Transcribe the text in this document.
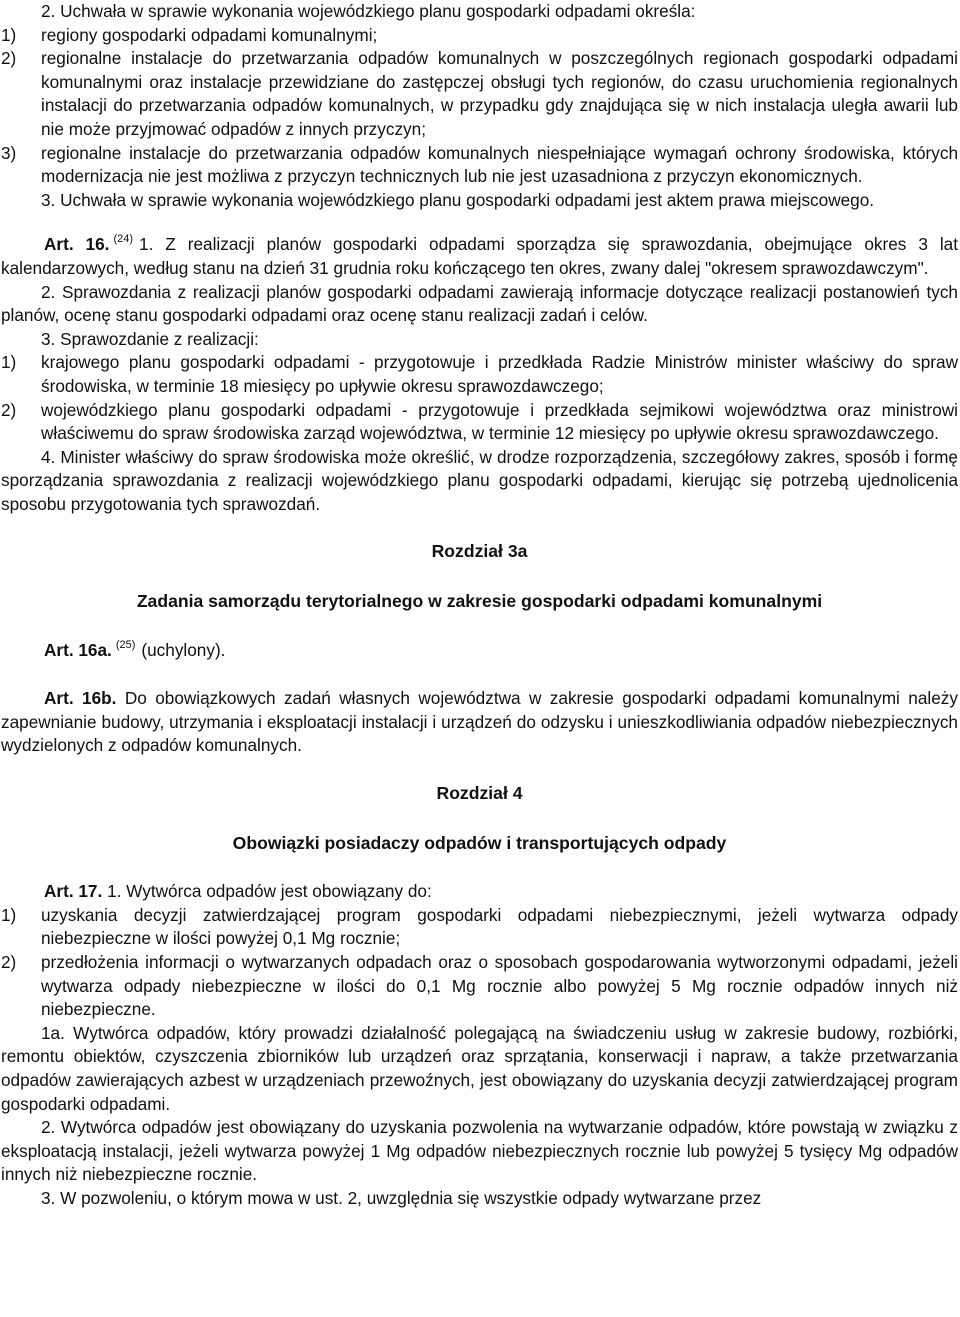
2. Uchwała w sprawie wykonania wojewódzkiego planu gospodarki odpadami określa:

1) regiony gospodarki odpadami komunalnymi;

2) regionalne instalacje do przetwarzania odpadów komunalnych w poszczególnych regionach gospodarki odpadami komunalnymi oraz instalacje przewidziane do zastępczej obsługi tych regionów, do czasu uruchomienia regionalnych instalacji do przetwarzania odpadów komunalnych, w przypadku gdy znajdująca się w nich instalacja uległa awarii lub nie może przyjmować odpadów z innych przyczyn;

3) regionalne instalacje do przetwarzania odpadów komunalnych niespełniające wymagań ochrony środowiska, których modernizacja nie jest możliwa z przyczyn technicznych lub nie jest uzasadniona z przyczyn ekonomicznych.

3. Uchwała w sprawie wykonania wojewódzkiego planu gospodarki odpadami jest aktem prawa miejscowego.

Art. 16. $^{(24)}$ 1. Z realizacji planów gospodarki odpadami sporządza się sprawozdania, obejmujące okres 3 lat kalendarzowych, według stanu na dzień 31 grudnia roku kończącego ten okres, zwany dalej "okresem sprawozdawczym".

2. Sprawozdania z realizacji planów gospodarki odpadami zawierają informacje dotyczące realizacji postanowień tych planów, ocenę stanu gospodarki odpadami oraz ocenę stanu realizacji zadań i celów.

3. Sprawozdanie z realizacji:

1) krajowego planu gospodarki odpadami - przygotowuje i przedkłada Radzie Ministrów minister właściwy do spraw środowiska, w terminie 18 miesięcy po upływie okresu sprawozdawczego;

2) wojewódzkiego planu gospodarki odpadami - przygotowuje i przedkłada sejmikowi województwa oraz ministrowi właściwemu do spraw środowiska zarząd województwa, w terminie 12 miesięcy po upływie okresu sprawozdawczego.

4. Minister właściwy do spraw środowiska może określić, w drodze rozporządzenia, szczegółowy zakres, sposób i formę sporządzania sprawozdania z realizacji wojewódzkiego planu gospodarki odpadami, kierując się potrzebą ujednolicenia sposobu przygotowania tych sprawozdań.

Rozdział 3a

Zadania samorządu terytorialnego w zakresie gospodarki odpadami komunalnymi

Art. 16a. $^{(25)}$ (uchylony).

Art. 16b. Do obowiązkowych zadań własnych województwa w zakresie gospodarki odpadami komunalnymi należy zapewnianie budowy, utrzymania i eksploatacji instalacji i urządzeń do odzysku i unieszkodliwiania odpadów niebezpiecznych wydzielonych z odpadów komunalnych.

Rozdział 4

Obowiązki posiadaczy odpadów i transportujących odpady

Art. 17. 1. Wytwórca odpadów jest obowiązany do:

1) uzyskania decyzji zatwierdzającej program gospodarki odpadami niebezpiecznymi, jeżeli wytwarza odpady niebezpieczne w ilości powyżej 0,1 Mg rocznie;

2) przedłożenia informacji o wytwarzanych odpadach oraz o sposobach gospodarowania wytworzonymi odpadami, jeżeli wytwarza odpady niebezpieczne w ilości do 0,1 Mg rocznie albo powyżej 5 Mg rocznie odpadów innych niż niebezpieczne.

1a. Wytwórca odpadów, który prowadzi działalność polegającą na świadczeniu usług w zakresie budowy, rozbiórki, remontu obiektów, czyszczenia zbiorników lub urządzeń oraz sprzątania, konserwacji i napraw, a także przetwarzania odpadów zawierających azbest w urządzeniach przewoźnych, jest obowiązany do uzyskania decyzji zatwierdzającej program gospodarki odpadami.

2. Wytwórca odpadów jest obowiązany do uzyskania pozwolenia na wytwarzanie odpadów, które powstają w związku z eksploatacją instalacji, jeżeli wytwarza powyżej 1 Mg odpadów niebezpiecznych rocznie lub powyżej 5 tysięcy Mg odpadów innych niż niebezpieczne rocznie.

3. W pozwoleniu, o którym mowa w ust. 2, uwzględnia się wszystkie odpady wytwarzane przez
